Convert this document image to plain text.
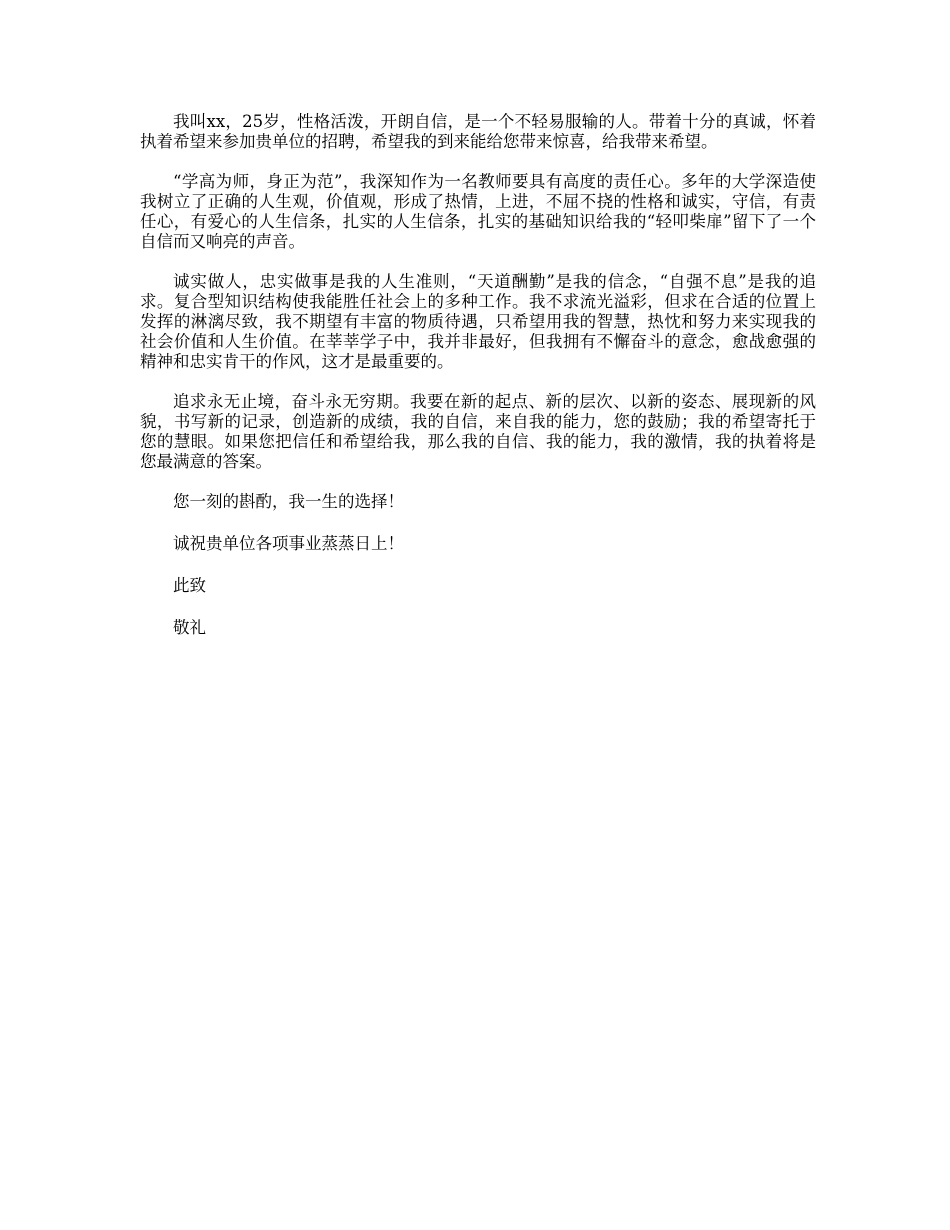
我叫xx，25岁，性格活泼，开朗自信，是一个不轻易服输的人。带着十分的真诚，怀着执着希望来参加贵单位的招聘，希望我的到来能给您带来惊喜，给我带来希望。

“学高为师，身正为范”，我深知作为一名教师要具有高度的责任心。多年的大学深造使我树立了正确的人生观，价值观，形成了热情，上进，不屈不挠的性格和诚实，守信，有责任心，有爱心的人生信条，扎实的人生信条，扎实的基础知识给我的“轻叩柴扉”留下了一个自信而又响亮的声音。

诚实做人，忠实做事是我的人生准则，“天道酬勤”是我的信念，“自强不息”是我的追求。复合型知识结构使我能胜任社会上的多种工作。我不求流光溢彩，但求在合适的位置上发挥的淋漓尽致，我不期望有丰富的物质待遇，只希望用我的智慧，热忱和努力来实现我的社会价值和人生价值。在莘莘学子中，我并非最好，但我拥有不懈奋斗的意念，愈战愈强的精神和忠实肯干的作风，这才是最重要的。

追求永无止境，奋斗永无穷期。我要在新的起点、新的层次、以新的姿态、展现新的风貌，书写新的记录，创造新的成绩，我的自信，来自我的能力，您的鼓励；我的希望寄托于您的慧眼。如果您把信任和希望给我，那么我的自信、我的能力，我的激情，我的执着将是您最满意的答案。

您一刻的斟酌，我一生的选择！

诚祝贵单位各项事业蒸蒸日上！

此致

敬礼
